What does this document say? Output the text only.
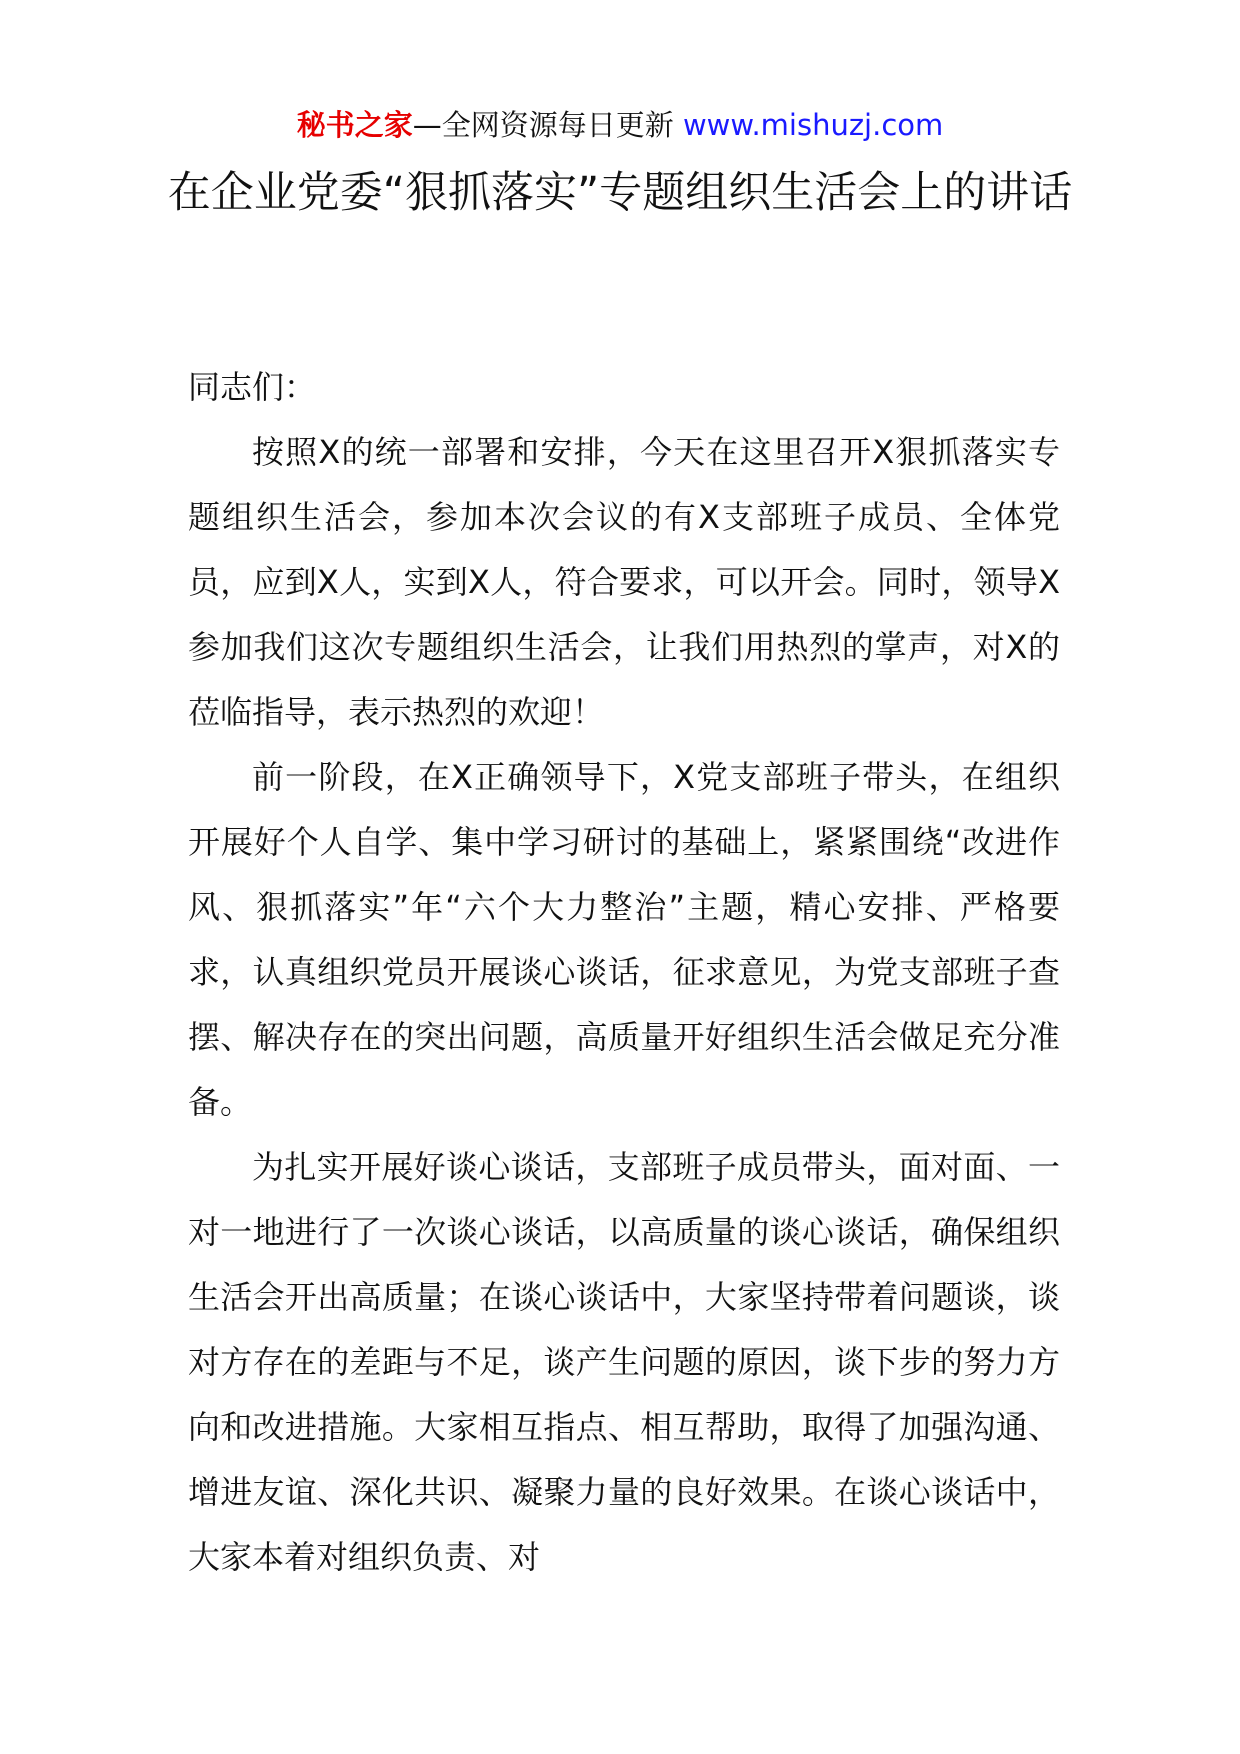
秘书之家—全网资源每日更新 www.mishuzj.com
在企业党委“狠抓落实”专题组织生活会上的讲话

同志们：

按照X的统一部署和安排，今天在这里召开X狠抓落实专题组织生活会，参加本次会议的有X支部班子成员、全体党员，应到X人，实到X人，符合要求，可以开会。同时，领导X参加我们这次专题组织生活会，让我们用热烈的掌声，对X的莅临指导，表示热烈的欢迎！

前一阶段，在X正确领导下，X党支部班子带头，在组织开展好个人自学、集中学习研讨的基础上，紧紧围绕“改进作风、狠抓落实”年“六个大力整治”主题，精心安排、严格要求，认真组织党员开展谈心谈话，征求意见，为党支部班子查摆、解决存在的突出问题，高质量开好组织生活会做足充分准备。

为扎实开展好谈心谈话，支部班子成员带头，面对面、一对一地进行了一次谈心谈话，以高质量的谈心谈话，确保组织生活会开出高质量；在谈心谈话中，大家坚持带着问题谈，谈对方存在的差距与不足，谈产生问题的原因，谈下步的努力方向和改进措施。大家相互指点、相互帮助，取得了加强沟通、增进友谊、深化共识、凝聚力量的良好效果。在谈心谈话中，大家本着对组织负责、对
